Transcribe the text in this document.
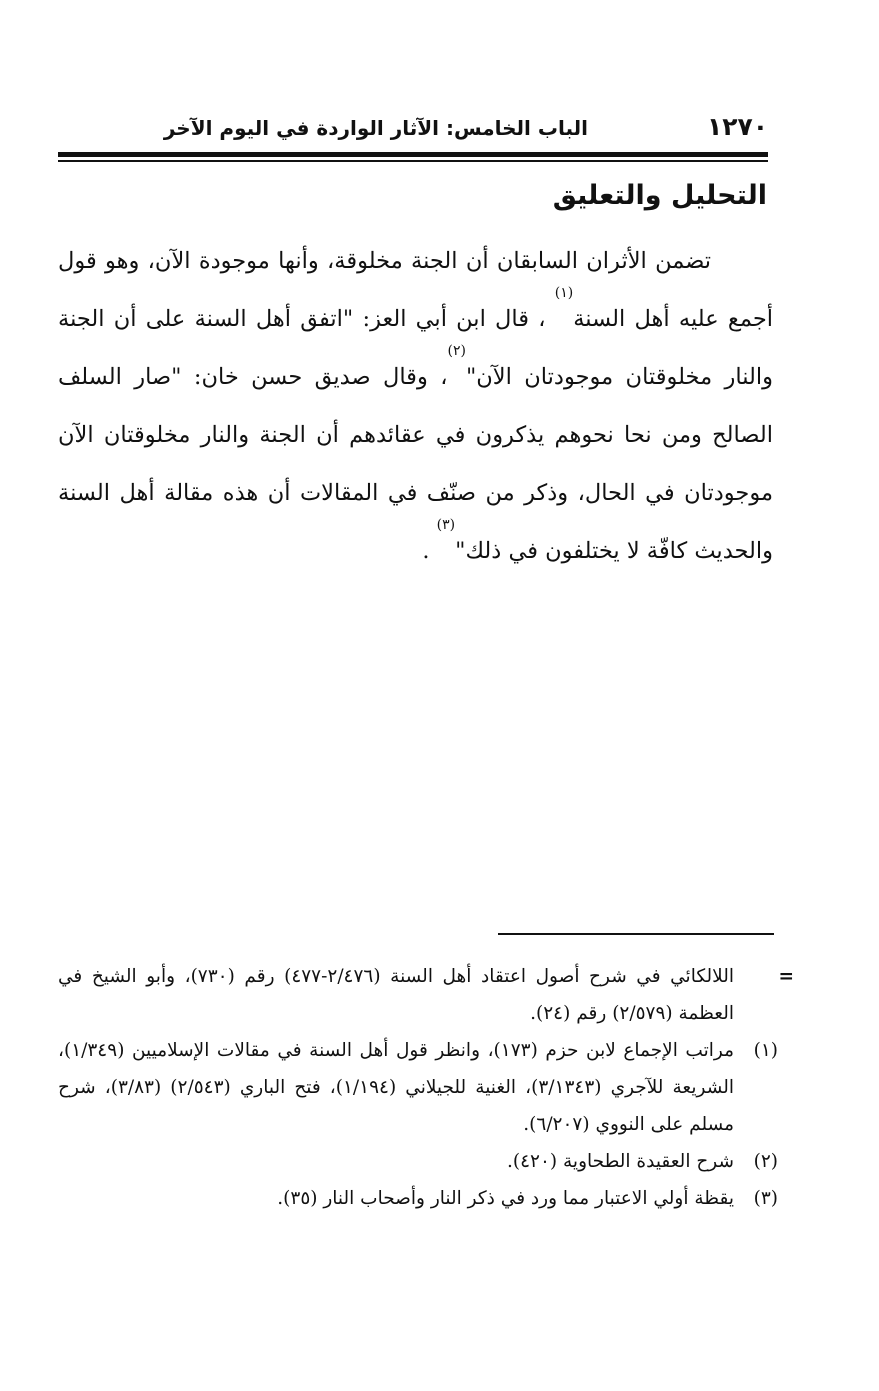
١٢٧٠
الباب الخامس: الآثار الواردة في اليوم الآخر
التحليل والتعليق

تضمن الأثران السابقان أن الجنة مخلوقة، وأنها موجودة الآن، وهو قول أجمع عليه أهل السنة$^{(١)}$ ، قال ابن أبي العز: "اتفق أهل السنة على أن الجنة والنار مخلوقتان موجودتان الآن"$^{(٢)}$، وقال صديق حسن خان: "صار السلف الصالح ومن نحا نحوهم يذكرون في عقائدهم أن الجنة والنار مخلوقتان الآن موجودتان في الحال، وذكر من صنّف في المقالات أن هذه مقالة أهل السنة والحديث كافّة لا يختلفون في ذلك"$^{(٣)}$ .

=
اللالكائي في شرح أصول اعتقاد أهل السنة (٢/٤٧٦-٤٧٧) رقم (٧٣٠)، وأبو الشيخ في العظمة (٢/٥٧٩) رقم (٢٤).
(١)
مراتب الإجماع لابن حزم (١٧٣)، وانظر قول أهل السنة في مقالات الإسلاميين (١/٣٤٩)، الشريعة للآجري (٣/١٣٤٣)، الغنية للجيلاني (١/١٩٤)، فتح الباري (٢/٥٤٣) (٣/٨٣)، شرح مسلم على النووي (٦/٢٠٧).
(٢)
شرح العقيدة الطحاوية (٤٢٠).
(٣)
يقظة أولي الاعتبار مما ورد في ذكر النار وأصحاب النار (٣٥).
